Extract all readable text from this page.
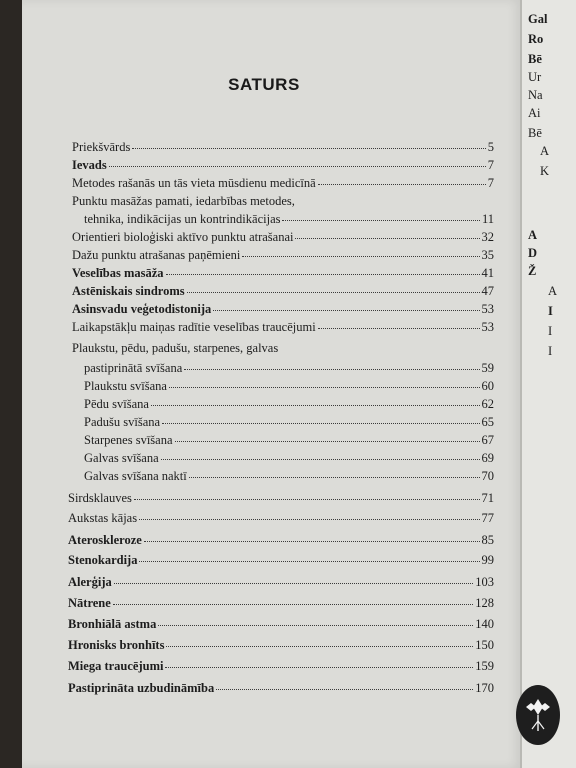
Gal
Ro
Bē
Ur
Na
Ai
Bē
A
K
A
D
Ž
A
I
I
I
SATURS
Priekšvārds	5
Ievads	7
Metodes rašanās un tās vieta mūsdienu medicīnā	7
Punktu masāžas pamati, iedarbības metodes,
tehnika, indikācijas un kontrindikācijas	11
Orientieri bioloģiski aktīvo punktu atrašanai	32
Dažu punktu atrašanas paņēmieni	35
Veselības masāža	41
Astēniskais sindroms	47
Asinsvadu veģetodistonija	53
Laikapstākļu maiņas radītie veselības traucējumi	53
Plaukstu, pēdu, padušu, starpenes, galvas
pastiprinātā svīšana	59
Plaukstu svīšana	60
Pēdu svīšana	62
Padušu svīšana	65
Starpenes svīšana	67
Galvas svīšana	69
Galvas svīšana naktī	70
Sirdsklauves	71
Aukstas kājas	77
Ateroskleroze	85
Stenokardija	99
Alerģija	103
Nātrene	128
Bronhiālā astma	140
Hronisks bronhīts	150
Miega traucējumi	159
Pastiprināta uzbudināmība	170
